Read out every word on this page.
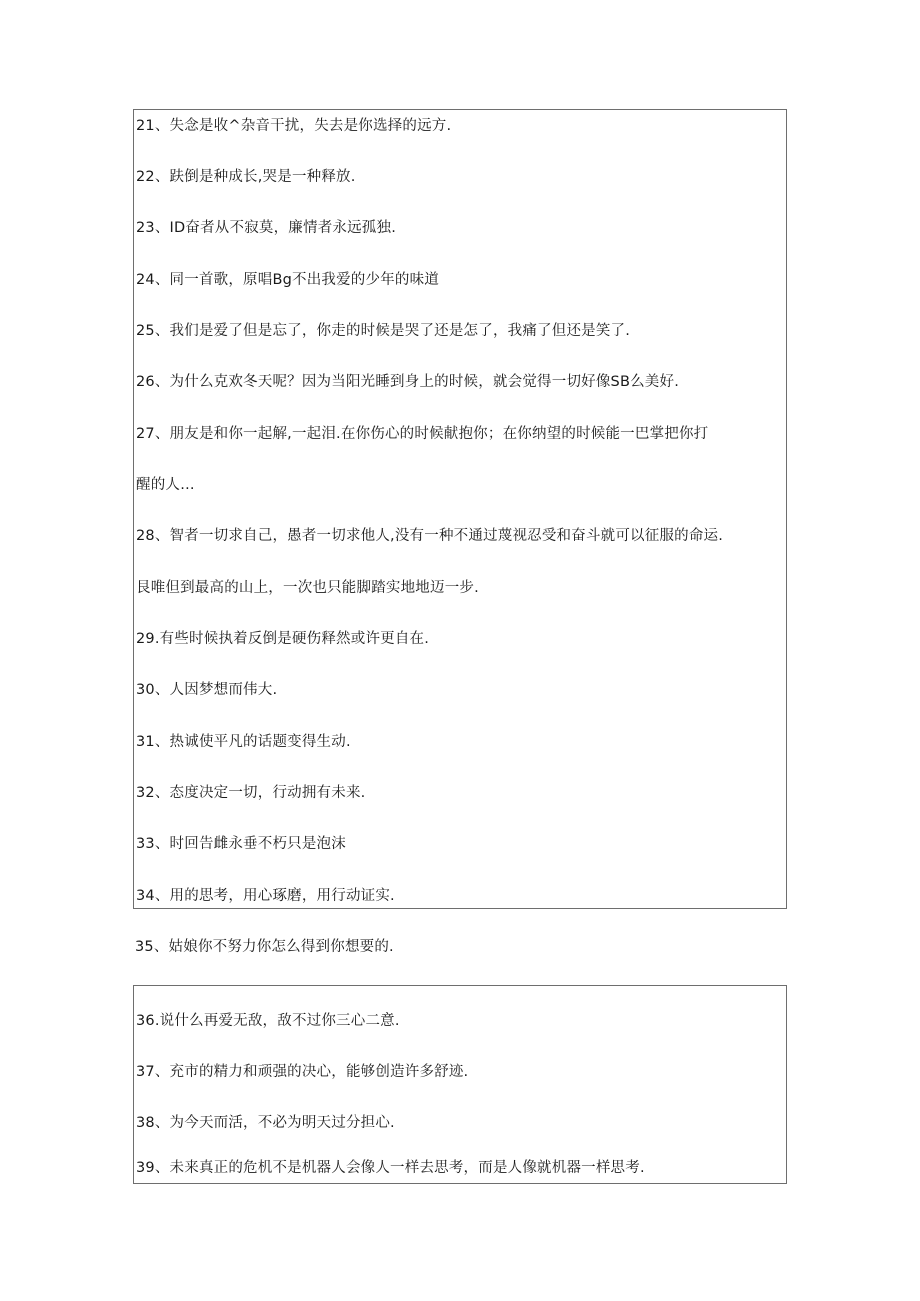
21、失念是收^杂音干扰，失去是你选择的远方.
22、趺倒是种成长,哭是一种释放.
23、ID奋者从不寂莫，廉情者永远孤独.
24、同一首歌，原唱Bg不出我爱的少年的味道
25、我们是爱了但是忘了，你走的时候是哭了还是怎了，我痛了但还是笑了.
26、为什么克欢冬天呢？因为当阳光睡到身上的时候，就会觉得一切好像SB么美好.
27、朋友是和你一起解,一起泪.在你伤心的时候献抱你；在你纳望的时候能一巴掌把你打
醒的人…
28、智者一切求自己，愚者一切求他人,没有一种不通过蔑视忍受和奋斗就可以征服的命运.
艮唯但到最高的山上，一次也只能脚踏实地地迈一步.
29.有些时候执着反倒是硬伤释然或许更自在.
30、人因梦想而伟大.
31、热诚使平凡的话题变得生动.
32、态度决定一切，行动拥有未来.
33、时回告雌永垂不朽只是泡沫
34、用的思考，用心琢磨，用行动证实.
35、姑娘你不努力你怎么得到你想要的.
36.说什么再爱无敌，敌不过你三心二意.
37、充市的精力和顽强的决心，能够创造许多舒迹.
38、为今天而活，不必为明天过分担心.
39、未来真正的危机不是机器人会像人一样去思考，而是人像就机器一样思考.
